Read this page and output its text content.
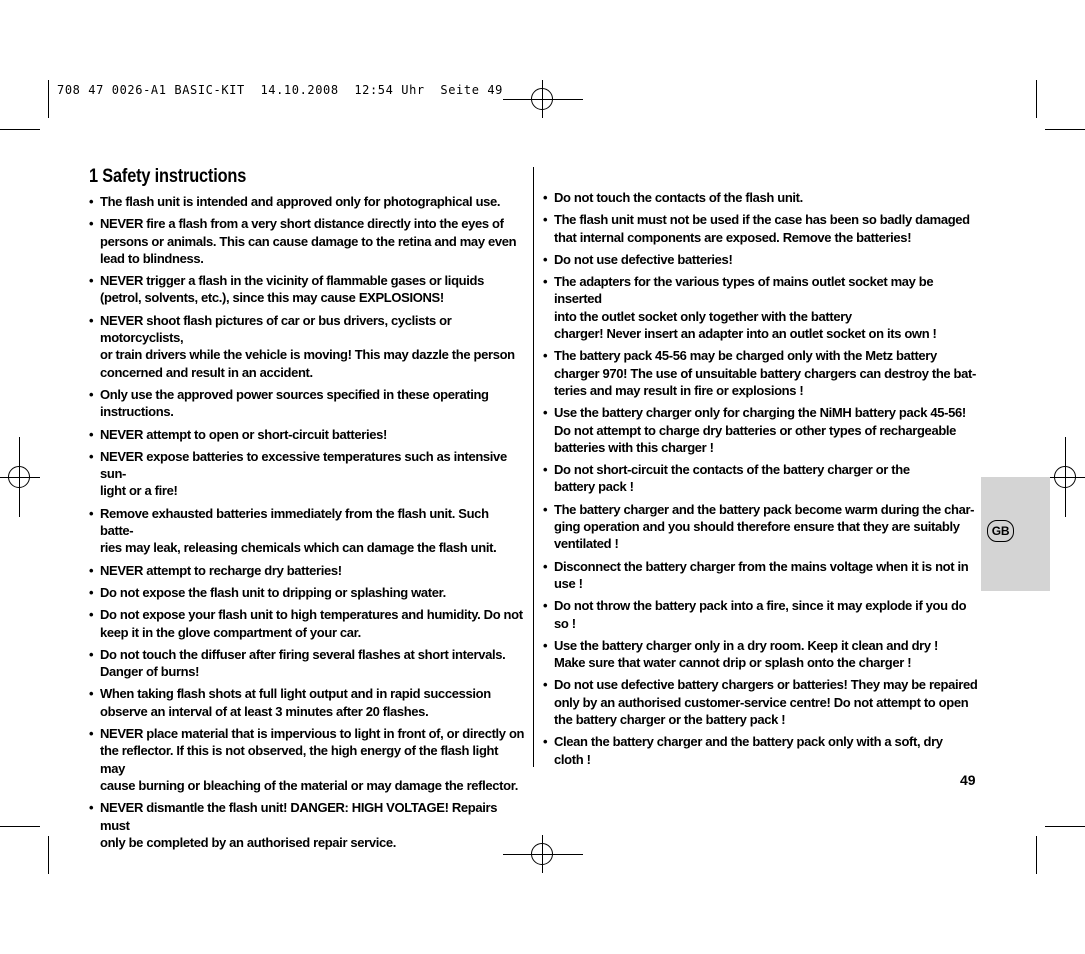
708 47 0026-A1 BASIC-KIT  14.10.2008  12:54 Uhr  Seite 49
1 Safety instructions
• The flash unit is intended and approved only for photographical use.
• NEVER fire a flash from a very short distance directly into the eyes of
persons or animals. This can cause damage to the retina and may even
lead to blindness.
• NEVER trigger a flash in the vicinity of flammable gases or liquids
(petrol, solvents, etc.), since this may cause EXPLOSIONS!
• NEVER shoot flash pictures of car or bus drivers, cyclists or motorcyclists,
or train drivers while the vehicle is moving! This may dazzle the person
concerned and result in an accident.
• Only use the approved power sources specified in these operating
instructions.
• NEVER attempt to open or short-circuit batteries!
• NEVER expose batteries to excessive temperatures such as intensive sun-
light or a fire!
• Remove exhausted batteries immediately from the flash unit. Such batte-
ries may leak, releasing chemicals which can damage the flash unit.
• NEVER attempt to recharge dry batteries!
• Do not expose the flash unit to dripping or splashing water.
• Do not expose your flash unit to high temperatures and humidity. Do not
keep it in the glove compartment of your car.
• Do not touch the diffuser after firing several flashes at short intervals.
Danger of burns!
• When taking flash shots at full light output and in rapid succession
observe an interval of at least 3 minutes after 20 flashes.
• NEVER place material that is impervious to light in front of, or directly on
the reflector. If this is not observed, the high energy of the flash light may
cause burning or bleaching of the material or may damage the reflector.
• NEVER dismantle the flash unit! DANGER: HIGH VOLTAGE! Repairs must
only be completed by an authorised repair service.
• Do not touch the contacts of the flash unit.
• The flash unit must not be used if the case has been so badly damaged
that internal components are exposed. Remove the batteries!
• Do not use defective batteries!
• The adapters for the various types of mains outlet socket may be inserted
into the outlet socket only together with the battery
charger! Never insert an adapter into an outlet socket on its own !
• The battery pack 45-56 may be charged only with the Metz battery
charger 970! The use of unsuitable battery chargers can destroy the bat-
teries and may result in fire or explosions !
• Use the battery charger only for charging the NiMH battery pack 45-56!
Do not attempt to charge dry batteries or other types of rechargeable
batteries with this charger !
• Do not short-circuit the contacts of the battery charger or the
battery pack !
• The battery charger and the battery pack become warm during the char-
ging operation and you should therefore ensure that they are suitably
ventilated !
• Disconnect the battery charger from the mains voltage when it is not in
use !
• Do not throw the battery pack into a fire, since it may explode if you do
so !
• Use the battery charger only in a dry room. Keep it clean and dry !
Make sure that water cannot drip or splash onto the charger !
• Do not use defective battery chargers or batteries! They may be repaired
only by an authorised customer-service centre! Do not attempt to open
the battery charger or the battery pack !
• Clean the battery charger and the battery pack only with a soft, dry
cloth !
GB
49
